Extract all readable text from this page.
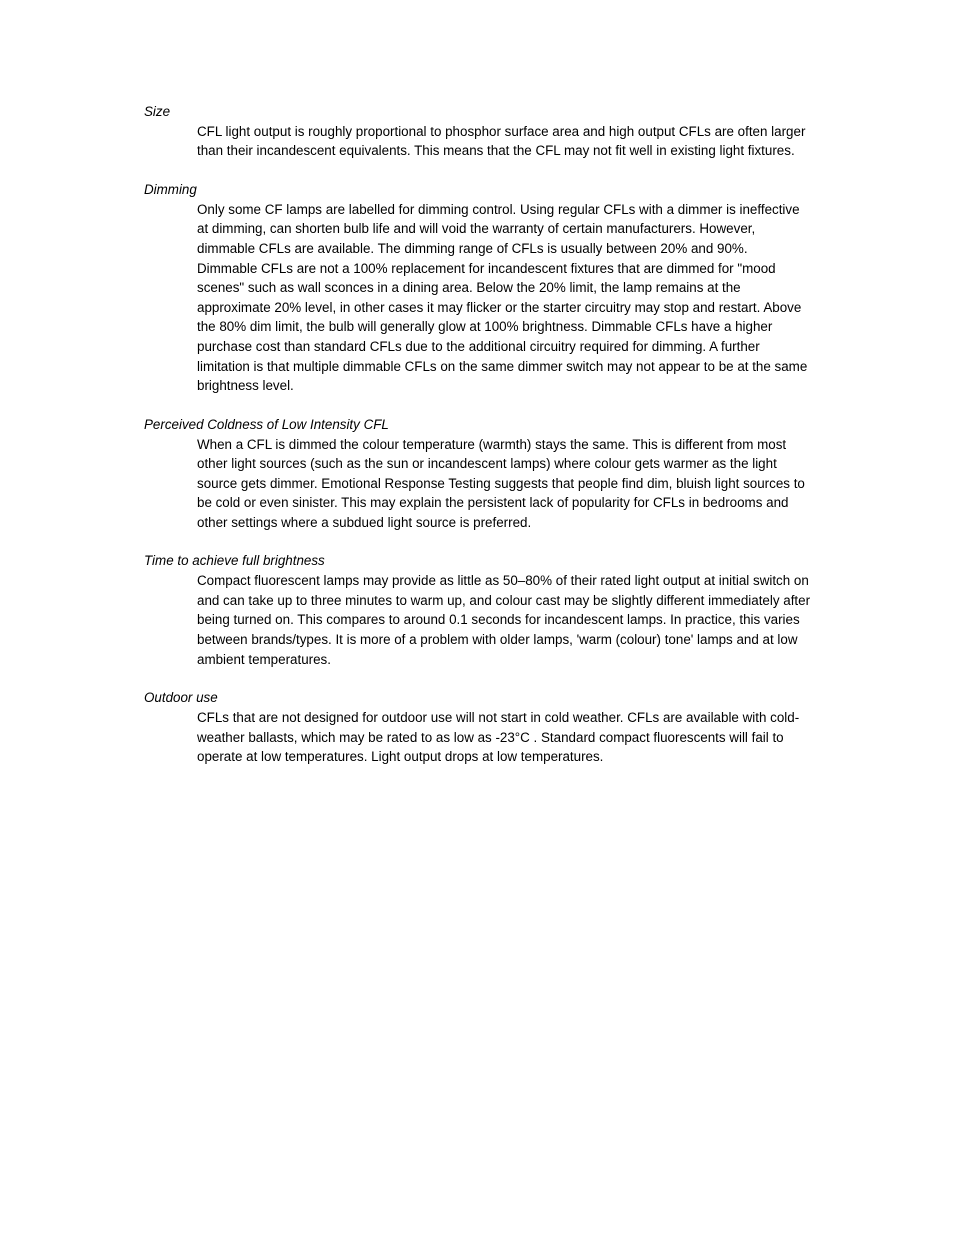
Size

CFL light output is roughly proportional to phosphor surface area and high output CFLs are often larger than their incandescent equivalents. This means that the CFL may not fit well in existing light fixtures.

Dimming

Only some CF lamps are labelled for dimming control. Using regular CFLs with a dimmer is ineffective at dimming, can shorten bulb life and will void the warranty of certain manufacturers. However, dimmable CFLs are available. The dimming range of CFLs is usually between 20% and 90%. Dimmable CFLs are not a 100% replacement for incandescent fixtures that are dimmed for "mood scenes" such as wall sconces in a dining area. Below the 20% limit, the lamp remains at the approximate 20% level, in other cases it may flicker or the starter circuitry may stop and restart. Above the 80% dim limit, the bulb will generally glow at 100% brightness. Dimmable CFLs have a higher purchase cost than standard CFLs due to the additional circuitry required for dimming. A further limitation is that multiple dimmable CFLs on the same dimmer switch may not appear to be at the same brightness level.

Perceived Coldness of Low Intensity CFL

When a CFL is dimmed the colour temperature (warmth) stays the same. This is different from most other light sources (such as the sun or incandescent lamps) where colour gets warmer as the light source gets dimmer. Emotional Response Testing suggests that people find dim, bluish light sources to be cold or even sinister. This may explain the persistent lack of popularity for CFLs in bedrooms and other settings where a subdued light source is preferred.

Time to achieve full brightness

Compact fluorescent lamps may provide as little as 50–80% of their rated light output at initial switch on and can take up to three minutes to warm up, and colour cast may be slightly different immediately after being turned on. This compares to around 0.1 seconds for incandescent lamps. In practice, this varies between brands/types. It is more of a problem with older lamps, 'warm (colour) tone' lamps and at low ambient temperatures.

Outdoor use

CFLs that are not designed for outdoor use will not start in cold weather. CFLs are available with cold-weather ballasts, which may be rated to as low as -23°C . Standard compact fluorescents will fail to operate at low temperatures. Light output drops at low temperatures.
